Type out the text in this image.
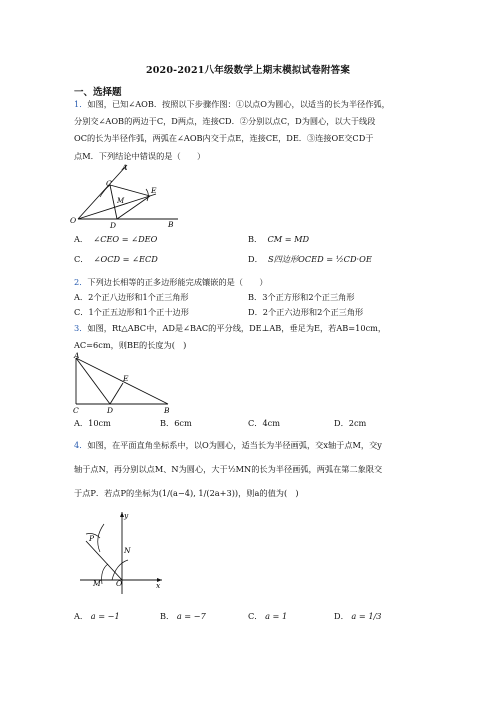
2020-2021八年级数学上期末模拟试卷附答案
一、选择题
1．如图，已知∠AOB．按照以下步骤作图：①以点O为圆心，以适当的长为半径作弧，
分别交∠AOB的两边于C，D两点，连接CD．②分别以点C，D为圆心，以大于线段
OC的长为半径作弧，两弧在∠AOB内交于点E，连接CE，DE．③连接OE交CD于
点M．下列结论中错误的是（　　）
A
C
E
M
O
D	B
A． ∠CEO = ∠DEO	B． CM = MD
C． ∠OCD = ∠ECD	D． S四边形OCED = ½CD·OE
2．下列边长相等的正多边形能完成镶嵌的是（　　）
A．2个正八边形和1个正三角形	B．3个正方形和2个正三角形
C．1个正五边形和1个正十边形	D．2个正六边形和2个正三角形
3．如图，Rt△ABC中，AD是∠BAC的平分线，DE⊥AB，垂足为E，若AB=10cm，
AC=6cm，则BE的长度为(　)
A
E
C	D	B
A．10cm	B．6cm	C．4cm	D．2cm
4．如图，在平面直角坐标系中，以O为圆心，适当长为半径画弧，交x轴于点M，交y
轴于点N，再分别以点M、N为圆心，大于½MN的长为半径画弧，两弧在第二象限交
于点P．若点P的坐标为(1/(a−4), 1/(2a+3))，则a的值为(　)
y
P
N
M O	x
A． a = −1	B． a = −7	C． a = 1	D． a = 1/3
